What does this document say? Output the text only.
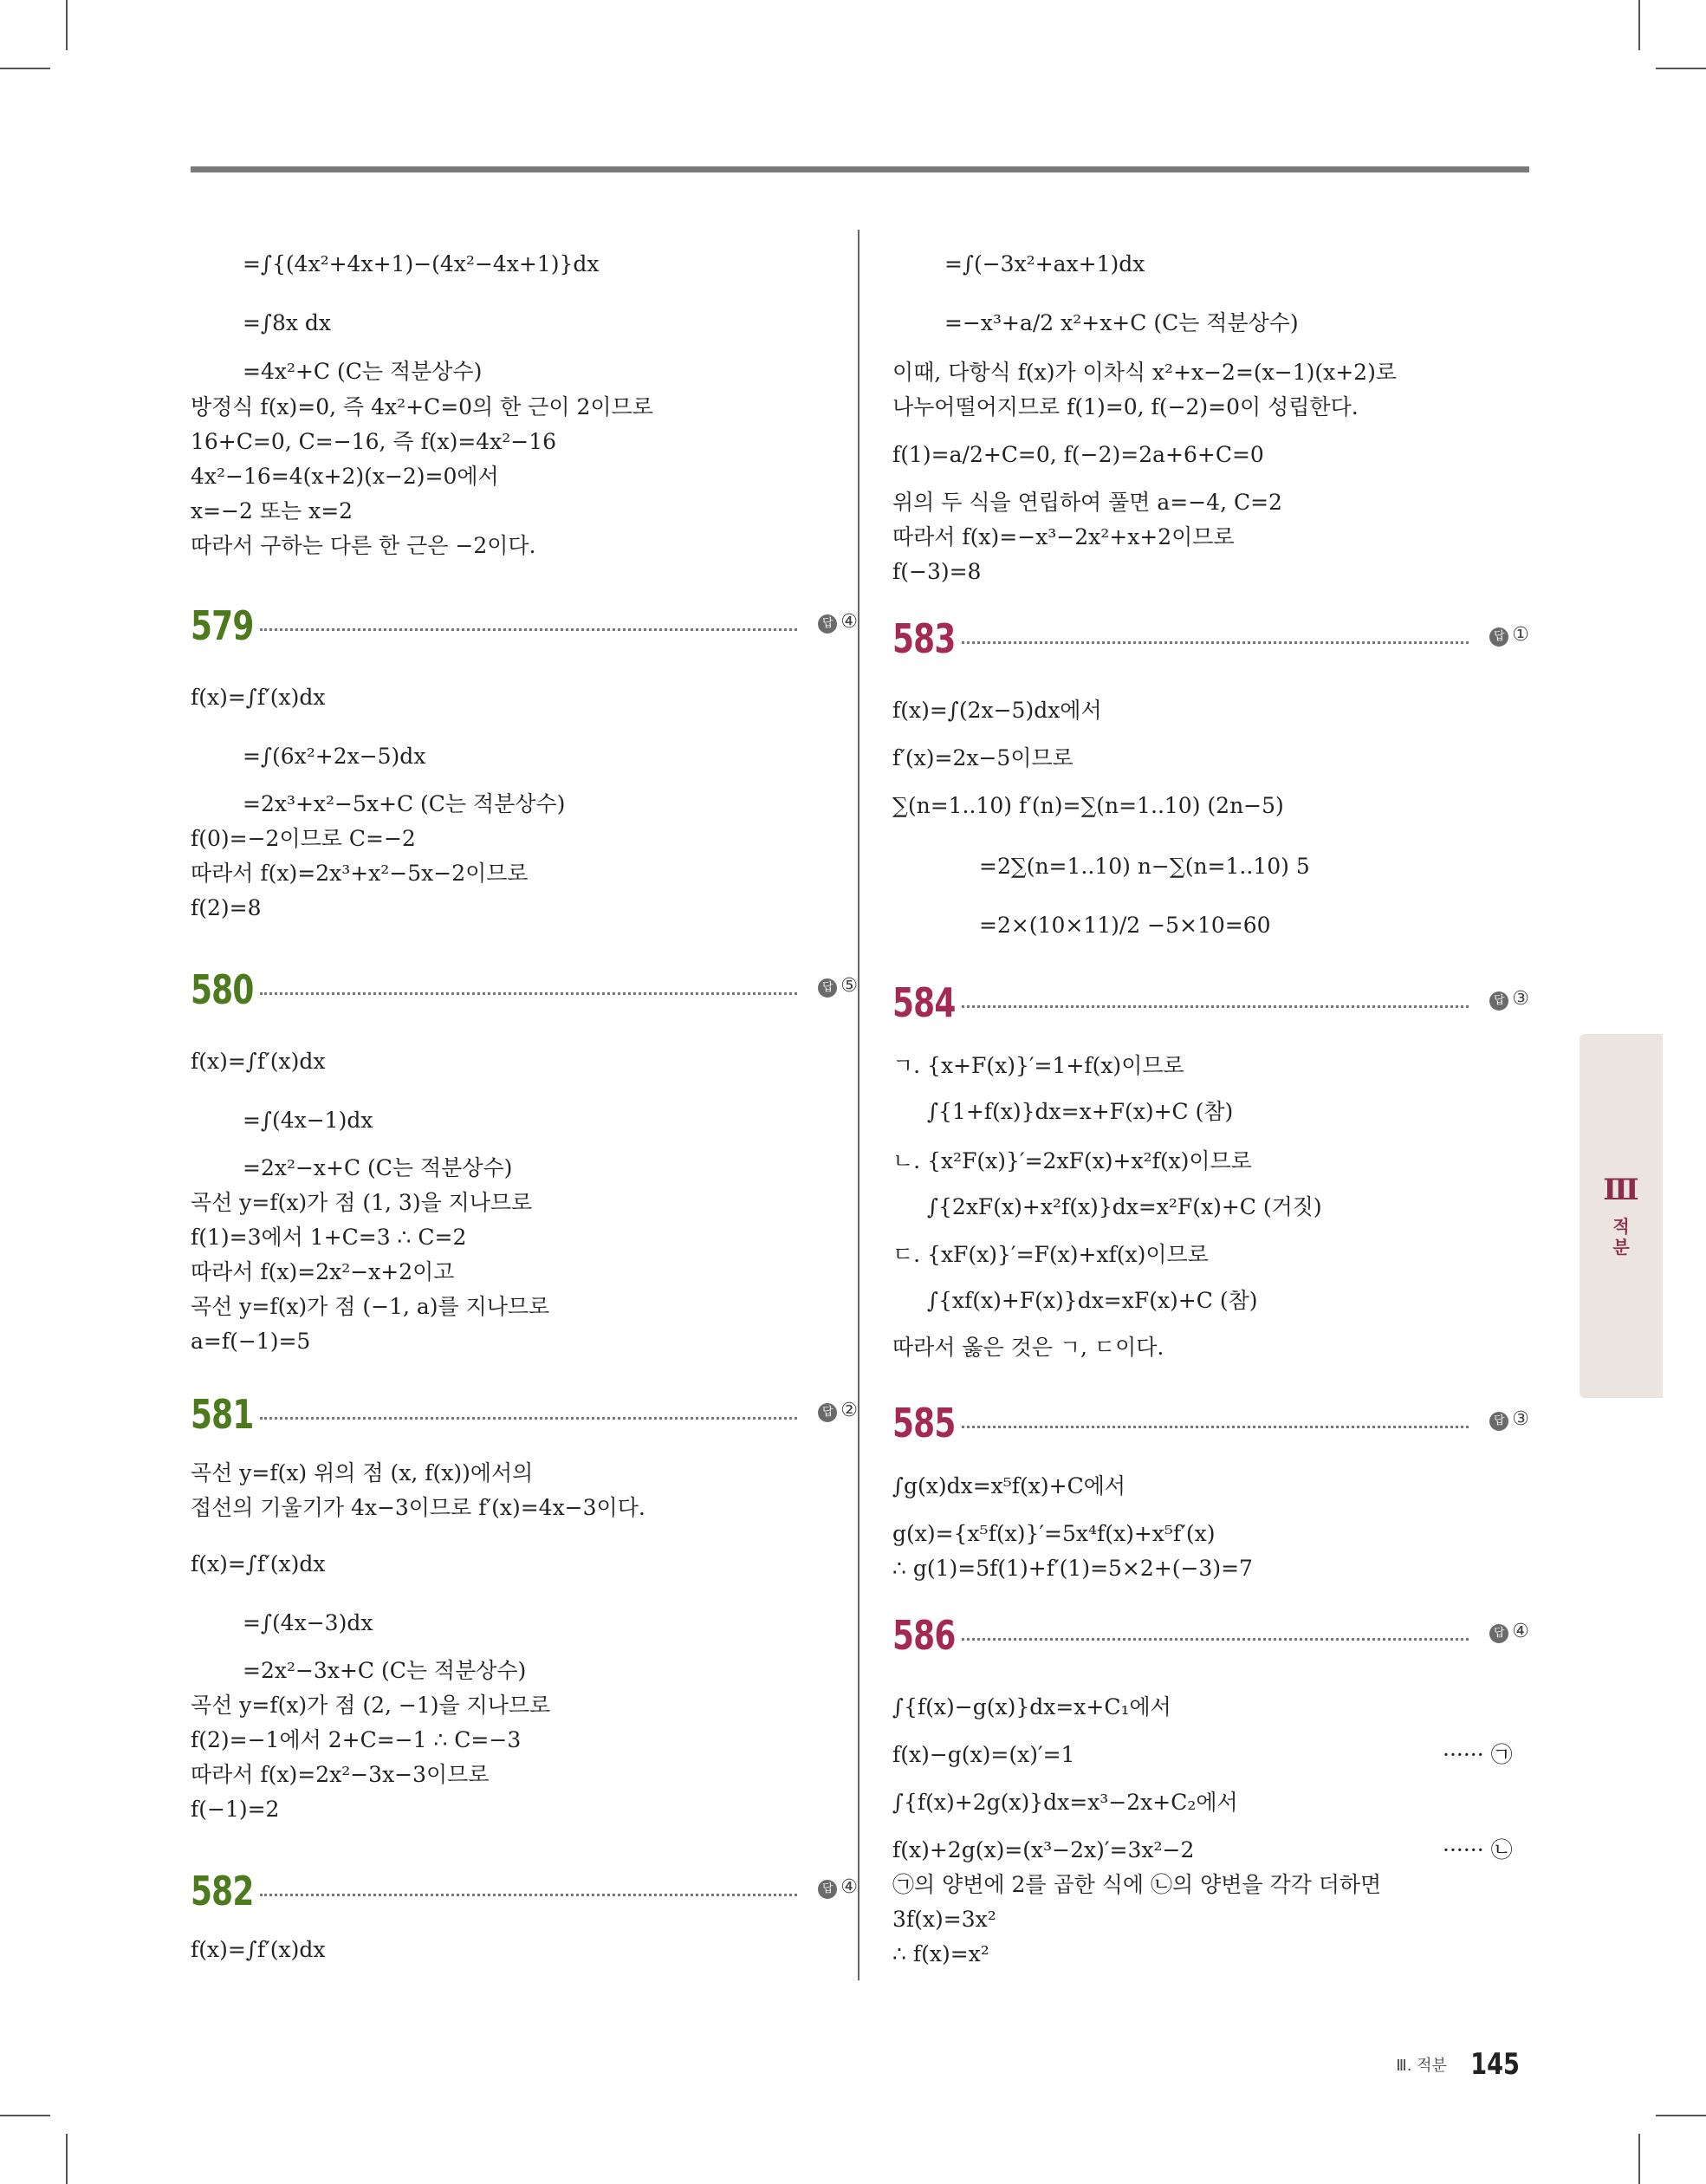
=∫{(4x²+4x+1)−(4x²−4x+1)}dx
=∫8x dx
=4x²+C (C는 적분상수)
방정식 f(x)=0, 즉 4x²+C=0의 한 근이 2이므로
16+C=0, C=−16, 즉 f(x)=4x²−16
4x²−16=4(x+2)(x−2)=0에서
x=−2 또는 x=2
따라서 구하는 다른 한 근은 −2이다.
579	답 ④
f(x)=∫f′(x)dx
=∫(6x²+2x−5)dx
=2x³+x²−5x+C (C는 적분상수)
f(0)=−2이므로 C=−2
따라서 f(x)=2x³+x²−5x−2이므로
f(2)=8
580	답 ⑤
f(x)=∫f′(x)dx
=∫(4x−1)dx
=2x²−x+C (C는 적분상수)
곡선 y=f(x)가 점 (1, 3)을 지나므로
f(1)=3에서 1+C=3 ∴ C=2
따라서 f(x)=2x²−x+2이고
곡선 y=f(x)가 점 (−1, a)를 지나므로
a=f(−1)=5
581	답 ②
곡선 y=f(x) 위의 점 (x, f(x))에서의
접선의 기울기가 4x−3이므로 f′(x)=4x−3이다.
f(x)=∫f′(x)dx
=∫(4x−3)dx
=2x²−3x+C (C는 적분상수)
곡선 y=f(x)가 점 (2, −1)을 지나므로
f(2)=−1에서 2+C=−1 ∴ C=−3
따라서 f(x)=2x²−3x−3이므로
f(−1)=2
582	답 ④
f(x)=∫f′(x)dx
=∫(−3x²+ax+1)dx
=−x³+a/2 x²+x+C (C는 적분상수)
이때, 다항식 f(x)가 이차식 x²+x−2=(x−1)(x+2)로
나누어떨어지므로 f(1)=0, f(−2)=0이 성립한다.
f(1)=a/2+C=0, f(−2)=2a+6+C=0
위의 두 식을 연립하여 풀면 a=−4, C=2
따라서 f(x)=−x³−2x²+x+2이므로
f(−3)=8
583	답 ①
f(x)=∫(2x−5)dx에서
f′(x)=2x−5이므로
∑(n=1..10) f′(n)=∑(n=1..10) (2n−5)
=2∑(n=1..10) n−∑(n=1..10) 5
=2×(10×11)/2 −5×10=60
584	답 ③
ㄱ. {x+F(x)}′=1+f(x)이므로
∫{1+f(x)}dx=x+F(x)+C (참)
ㄴ. {x²F(x)}′=2xF(x)+x²f(x)이므로
∫{2xF(x)+x²f(x)}dx=x²F(x)+C (거짓)
ㄷ. {xF(x)}′=F(x)+xf(x)이므로
∫{xf(x)+F(x)}dx=xF(x)+C (참)
따라서 옳은 것은 ㄱ, ㄷ이다.
585	답 ③
∫g(x)dx=x⁵f(x)+C에서
g(x)={x⁵f(x)}′=5x⁴f(x)+x⁵f′(x)
∴ g(1)=5f(1)+f′(1)=5×2+(−3)=7
586	답 ④
∫{f(x)−g(x)}dx=x+C₁에서
f(x)−g(x)=(x)′=1	······ ㉠
∫{f(x)+2g(x)}dx=x³−2x+C₂에서
f(x)+2g(x)=(x³−2x)′=3x²−2	······ ㉡
㉠의 양변에 2를 곱한 식에 ㉡의 양변을 각각 더하면
3f(x)=3x²
∴ f(x)=x²
Ⅲ
적
분
Ⅲ. 적분 145
